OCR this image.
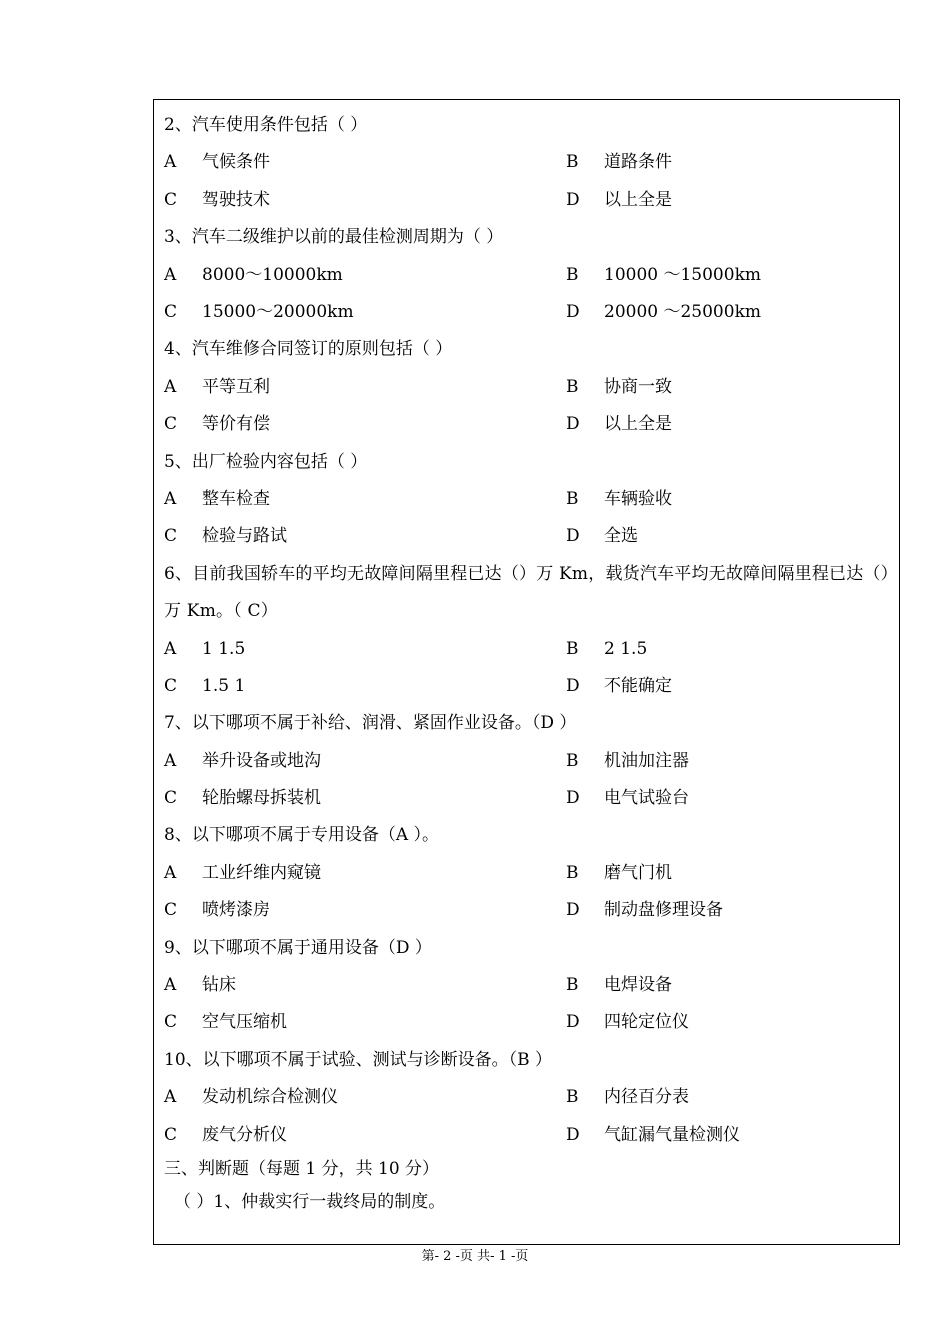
2、汽车使用条件包括（ ）
A 气候条件	B 道路条件
C 驾驶技术	D 以上全是
3、汽车二级维护以前的最佳检测周期为（ ）
A 8000～10000km	B 10000 ～15000km
C 15000～20000km	D 20000 ～25000km
4、汽车维修合同签订的原则包括（ ）
A 平等互利	B 协商一致
C 等价有偿	D 以上全是
5、出厂检验内容包括（ ）
A 整车检查	B 车辆验收
C 检验与路试	D 全选
6、目前我国轿车的平均无故障间隔里程已达（）万 Km，载货汽车平均无故障间隔里程已达（）万 Km。（ C）
A 1 1.5	B 2 1.5
C 1.5 1	D 不能确定
7、以下哪项不属于补给、润滑、紧固作业设备。（D ）
A 举升设备或地沟	B 机油加注器
C 轮胎螺母拆装机	D 电气试验台
8、以下哪项不属于专用设备（A ）。
A 工业纤维内窥镜	B 磨气门机
C 喷烤漆房	D 制动盘修理设备
9、以下哪项不属于通用设备（D ）
A 钻床	B 电焊设备
C 空气压缩机	D 四轮定位仪
10、以下哪项不属于试验、测试与诊断设备。（B ）
A 发动机综合检测仪	B 内径百分表
C 废气分析仪	D 气缸漏气量检测仪
三、判断题（每题 1 分，共 10 分）
（ ）1、仲裁实行一裁终局的制度。
第- 2 -页 共- 1 -页
